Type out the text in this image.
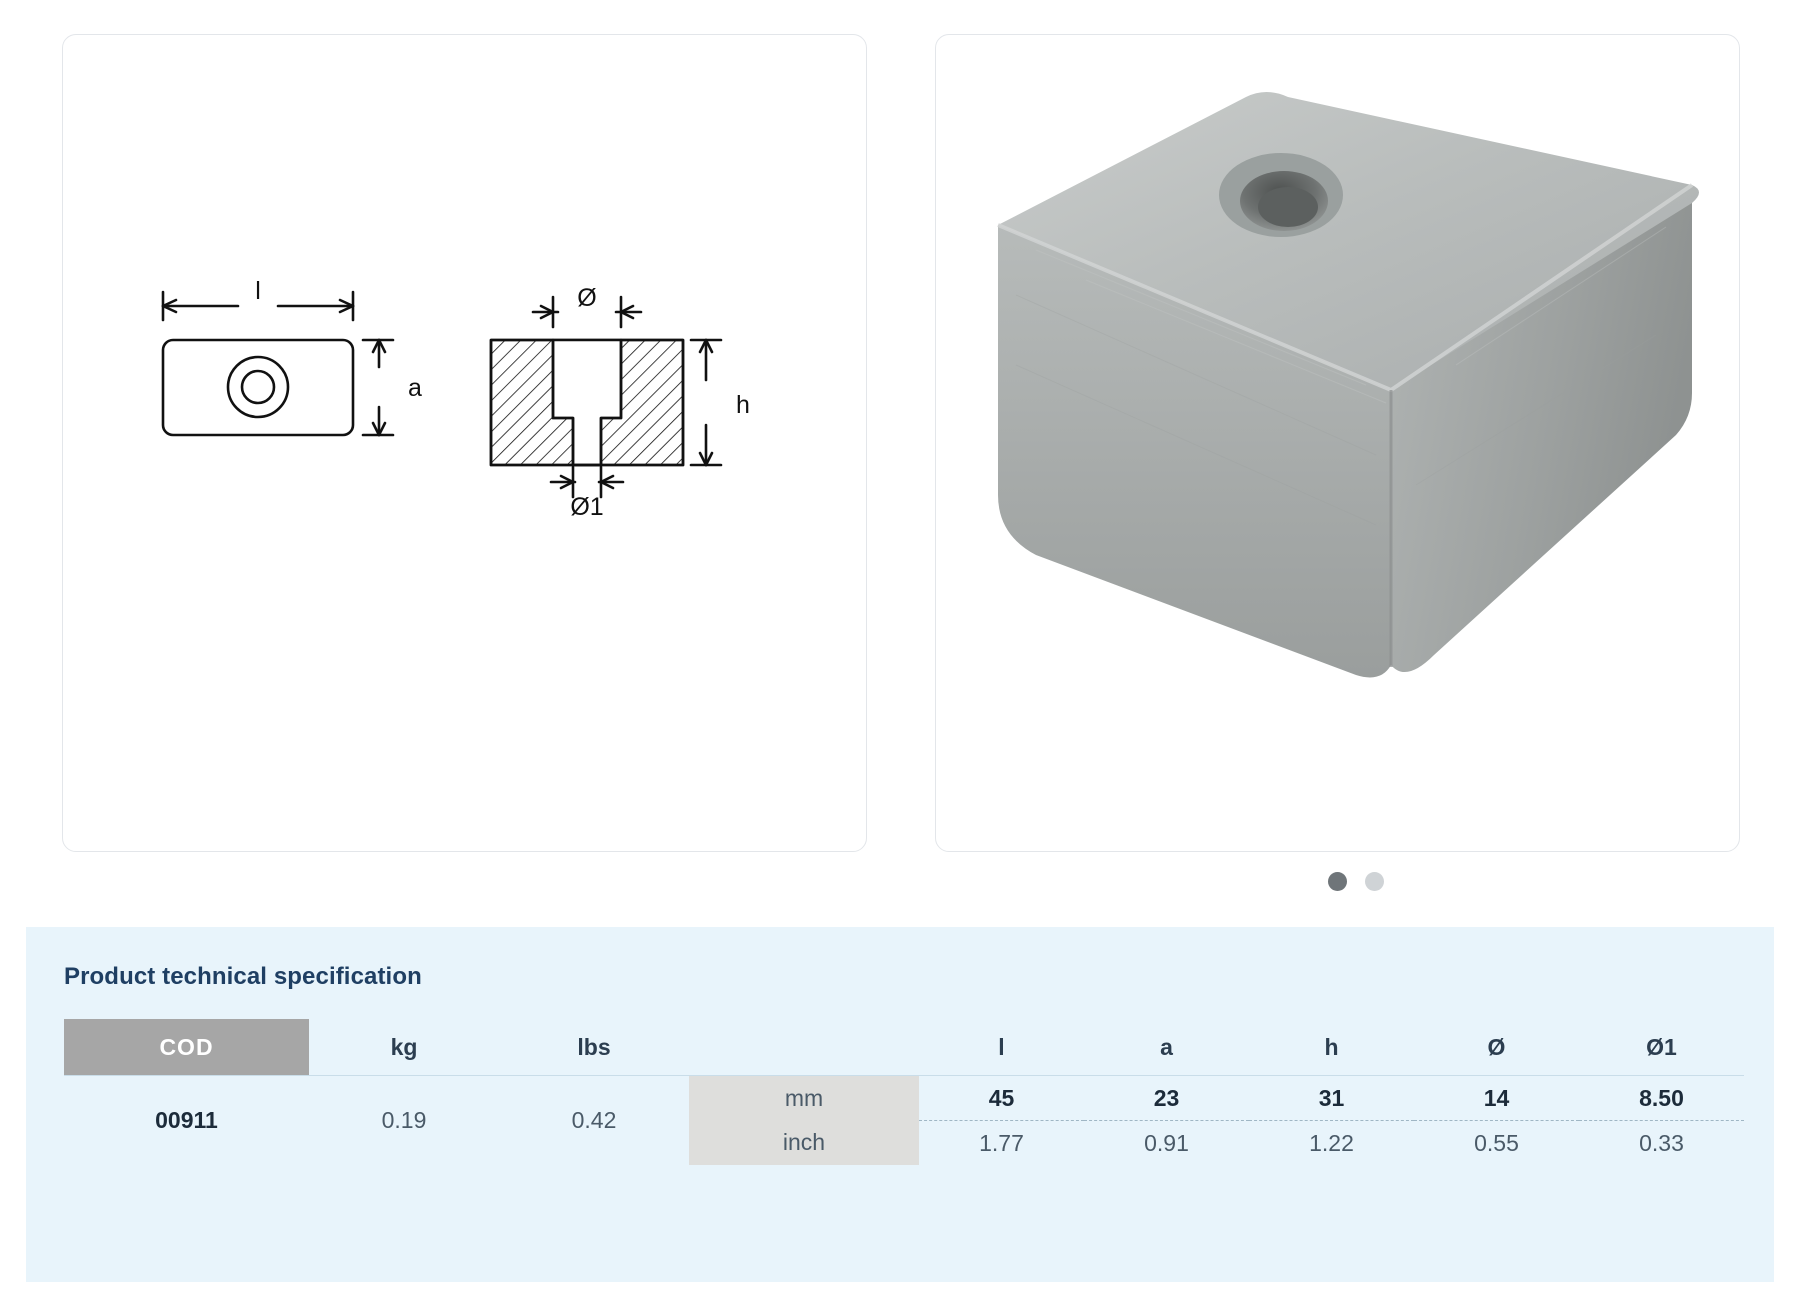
l
a
Ø
h
Ø1
Product technical specification
COD	kg	lbs		l	a	h	Ø	Ø1
00911	0.19	0.42	mm	45	23	31	14	8.50
			inch	1.77	0.91	1.22	0.55	0.33
